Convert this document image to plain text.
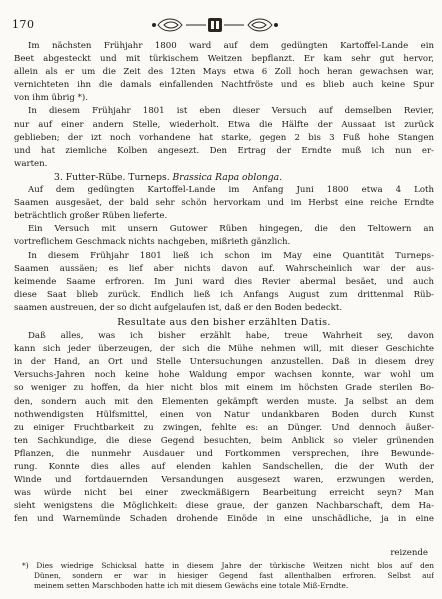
170
Im nächsten Frühjahr 1800 ward auf dem gedüngten Kartoffel-Lande ein
Beet abgesteckt und mit türkischem Weitzen bepflanzt. Er kam sehr gut hervor,
allein als er um die Zeit des 12ten Mays etwa 6 Zoll hoch heran gewachsen war,
vernichteten ihn die damals einfallenden Nachtfröste und es blieb auch keine Spur
von ihm übrig *).
In diesem Frühjahr 1801 ist eben dieser Versuch auf demselben Revier,
nur auf einer andern Stelle, wiederholt. Etwa die Hälfte der Aussaat ist zurück
geblieben; der izt noch vorhandene hat starke, gegen 2 bis 3 Fuß hohe Stangen
und hat ziemliche Kolben angesezt. Den Ertrag der Erndte muß ich nun er-
warten.
3. Futter-Rübe. Turneps. Brassica Rapa oblonga.
Auf dem gedüngten Kartoffel-Lande im Anfang Juni 1800 etwa 4 Loth
Saamen ausgesäet, der bald sehr schön hervorkam und im Herbst eine reiche Erndte
beträchtlich großer Rüben lieferte.
Ein Versuch mit unsern Gutower Rüben hingegen, die den Teltowern an
vortreflichem Geschmack nichts nachgeben, mißrieth gänzlich.
In diesem Frühjahr 1801 ließ ich schon im May eine Quantität Turneps-
Saamen aussäen; es lief aber nichts davon auf. Wahrscheinlich war der aus-
keimende Saame erfroren. Im Juni ward dies Revier abermal besäet, und auch
diese Saat blieb zurück. Endlich ließ ich Anfangs August zum drittenmal Rüb-
saamen austreuen, der so dicht aufgelaufen ist, daß er den Boden bedeckt.
Resultate aus den bisher erzählten Datis.
Daß alles, was ich bisher erzählt habe, treue Wahrheit sey, davon
kann sich jeder überzeugen, der sich die Mühe nehmen will, mit dieser Geschichte
in der Hand, an Ort und Stelle Untersuchungen anzustellen. Daß in diesem drey
Versuchs-Jahren noch keine hohe Waldung empor wachsen konnte, war wohl um
so weniger zu hoffen, da hier nicht blos mit einem im höchsten Grade sterilen Bo-
den, sondern auch mit den Elementen gekämpft werden muste. Ja selbst an dem
nothwendigsten Hülfsmittel, einen von Natur undankbaren Boden durch Kunst
zu einiger Fruchtbarkeit zu zwingen, fehlte es: an Dünger. Und dennoch äußer-
ten Sachkundige, die diese Gegend besuchten, beim Anblick so vieler grünenden
Pflanzen, die nunmehr Ausdauer und Fortkommen versprechen, ihre Bewunde-
rung. Konnte dies alles auf elenden kahlen Sandschellen, die der Wuth der
Winde und fortdauernden Versandungen ausgesezt waren, erzwungen werden,
was würde nicht bei einer zweckmäßigern Bearbeitung erreicht seyn? Man
sieht wenigstens die Möglichkeit: diese graue, der ganzen Nachbarschaft, dem Ha-
fen und Warnemünde Schaden drohende Einöde in eine unschädliche, ja in eine
reizende
*) Dies wiedrige Schicksal hatte in diesem Jahre der türkische Weitzen nicht blos auf den
Dünen, sondern er war in hiesiger Gegend fast allenthalben erfroren. Selbst auf
meinem setten Marschboden hatte ich mit diesem Gewächs eine totale Miß-Erndte.
